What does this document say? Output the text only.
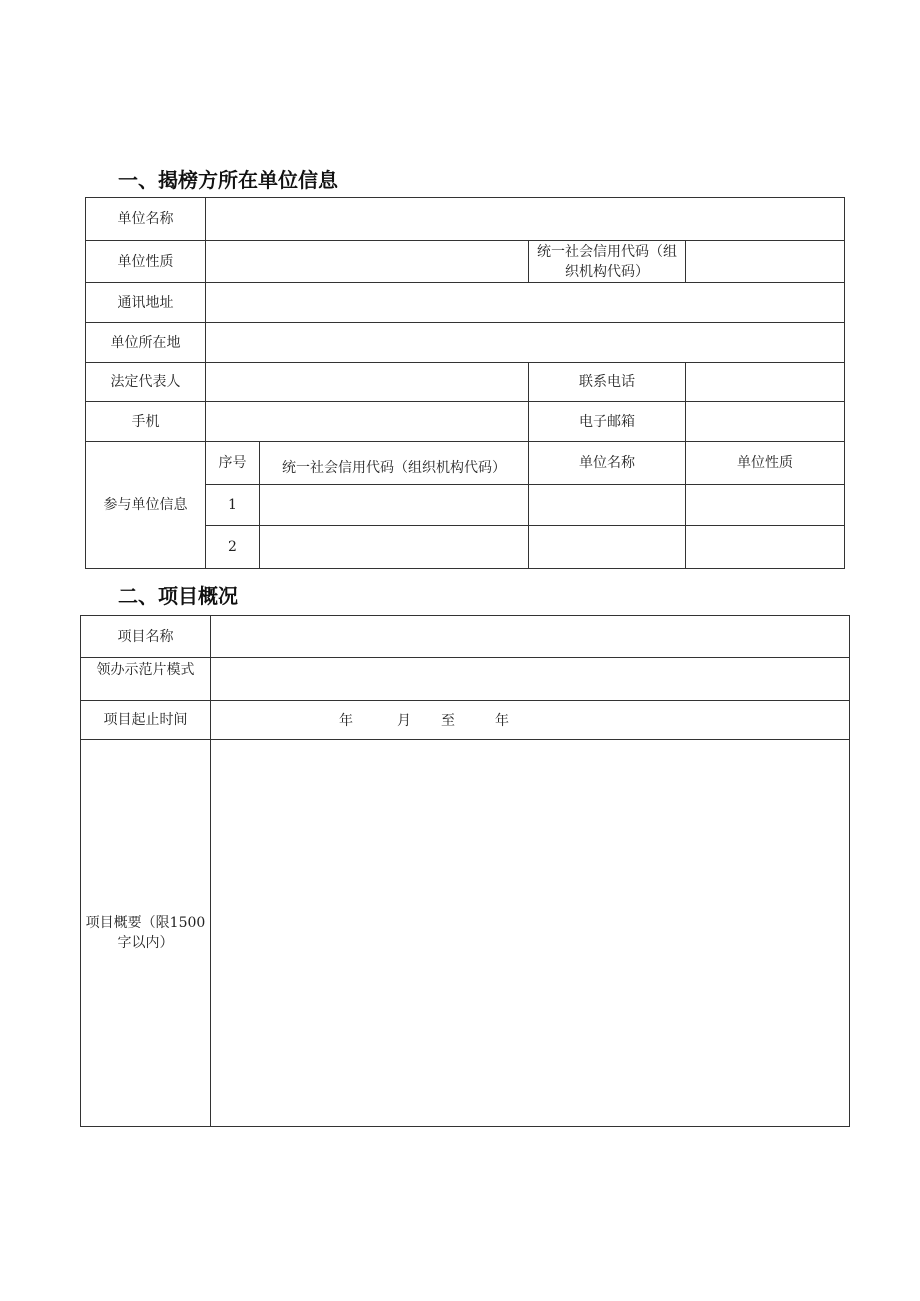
一、揭榜方所在单位信息
单位名称				
单位性质			统一社会信用代码（组织机构代码）	
通讯地址				
单位所在地				
法定代表人			联系电话	
手机			电子邮箱	
参与单位信息	序号	统一社会信用代码（组织机构代码）	单位名称	单位性质
	1			
	2			
二、项目概况
项目名称	
领办示范片模式	
项目起止时间	年 月 至 年

项目概要（限1500字以内）	
